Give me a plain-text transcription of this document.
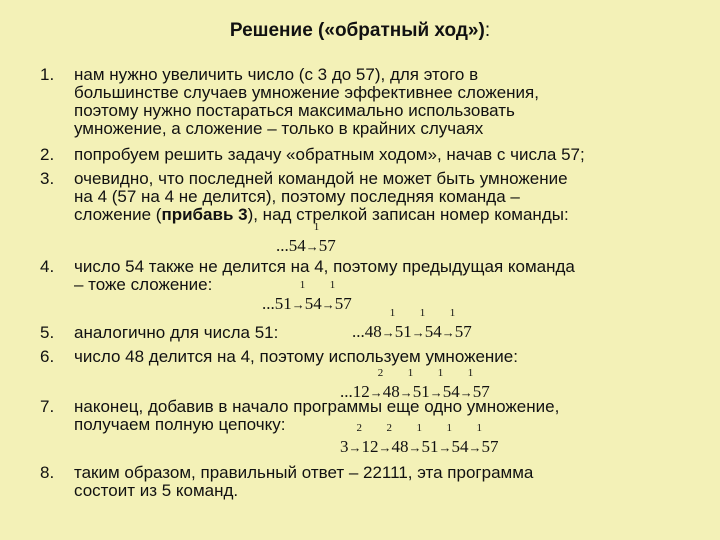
Решение («обратный ход»):
1.	нам нужно увеличить число (с 3 до 57), для этого в
большинстве случаев умножение эффективнее сложения,
поэтому нужно постараться максимально использовать
умножение, а сложение – только в крайних случаях
2.	попробуем решить задачу «обратным ходом», начав с числа 57;
3.	очевидно, что последней командой не может быть умножение
на 4 (57 на 4 не делится), поэтому последняя команда –
сложение (прибавь 3), над стрелкой записан номер команды:
...54
1
→57
4.	число 54 также не делится на 4, поэтому предыдущая команда
– тоже сложение:
...51
1
→54
1
→57
5.	аналогично для числа 51:	...48
1
→51
1
→54
1
→57
6.	число 48 делится на 4, поэтому используем умножение:
...12
2
→48
1
→51
1
→54
1
→57
7.	наконец, добавив в начало программы еще одно умножение,
получаем полную цепочку:
3
2
→12
2
→48
1
→51
1
→54
1
→57
8.	таким образом, правильный ответ – 22111, эта программа
состоит из 5 команд.
